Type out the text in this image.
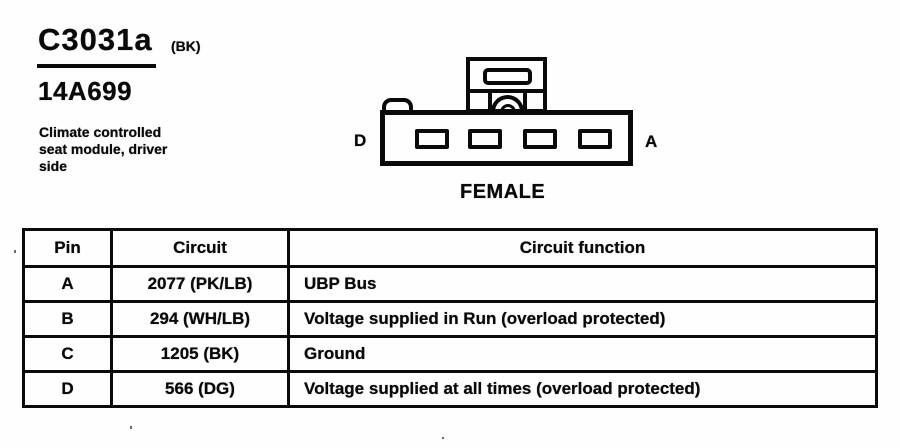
C3031a (BK)
14A699
Climate controlled
seat module, driver
side
D	A
FEMALE
Pin	Circuit	Circuit function
A	2077 (PK/LB)	UBP Bus
B	294 (WH/LB)	Voltage supplied in Run (overload protected)
C	1205 (BK)	Ground
D	566 (DG)	Voltage supplied at all times (overload protected)
